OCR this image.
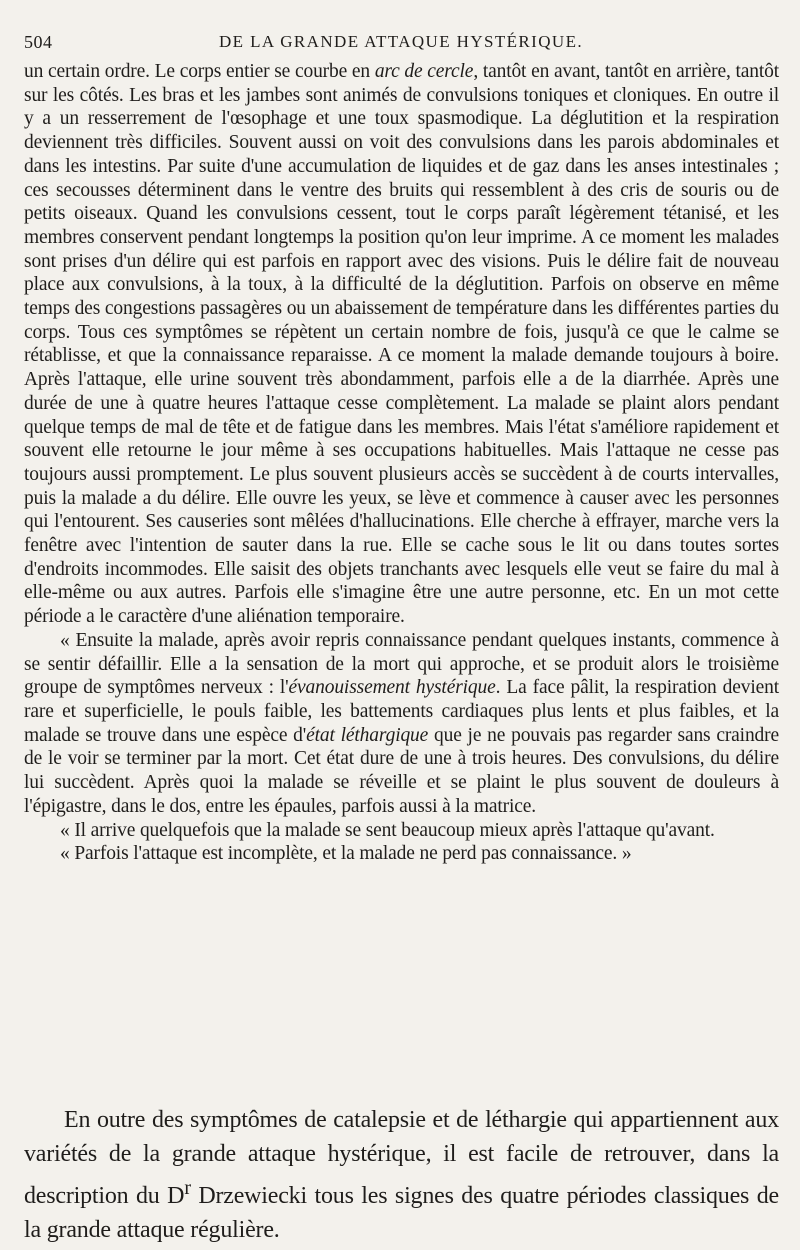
504	DE LA GRANDE ATTAQUE HYSTÉRIQUE.

un certain ordre. Le corps entier se courbe en arc de cercle, tantôt en avant, tantôt en arrière, tantôt sur les côtés. Les bras et les jambes sont animés de convulsions toniques et cloniques. En outre il y a un resserrement de l'œsophage et une toux spasmodique. La déglutition et la respiration deviennent très difficiles. Souvent aussi on voit des convulsions dans les parois abdominales et dans les intestins. Par suite d'une accumulation de liquides et de gaz dans les anses intestinales ; ces secousses déterminent dans le ventre des bruits qui ressemblent à des cris de souris ou de petits oiseaux. Quand les convulsions cessent, tout le corps paraît légèrement tétanisé, et les membres conservent pendant longtemps la position qu'on leur imprime. A ce moment les malades sont prises d'un délire qui est parfois en rapport avec des visions. Puis le délire fait de nouveau place aux convulsions, à la toux, à la difficulté de la déglutition. Parfois on observe en même temps des congestions passagères ou un abaissement de température dans les différentes parties du corps. Tous ces symptômes se répètent un certain nombre de fois, jusqu'à ce que le calme se rétablisse, et que la connaissance reparaisse. A ce moment la malade demande toujours à boire. Après l'attaque, elle urine souvent très abondamment, parfois elle a de la diarrhée. Après une durée de une à quatre heures l'attaque cesse complètement. La malade se plaint alors pendant quelque temps de mal de tête et de fatigue dans les membres. Mais l'état s'améliore rapidement et souvent elle retourne le jour même à ses occupations habituelles. Mais l'attaque ne cesse pas toujours aussi promptement. Le plus souvent plusieurs accès se succèdent à de courts intervalles, puis la malade a du délire. Elle ouvre les yeux, se lève et commence à causer avec les personnes qui l'entourent. Ses causeries sont mêlées d'hallucinations. Elle cherche à effrayer, marche vers la fenêtre avec l'intention de sauter dans la rue. Elle se cache sous le lit ou dans toutes sortes d'endroits incommodes. Elle saisit des objets tranchants avec lesquels elle veut se faire du mal à elle-même ou aux autres. Parfois elle s'imagine être une autre personne, etc. En un mot cette période a le caractère d'une aliénation temporaire.

« Ensuite la malade, après avoir repris connaissance pendant quelques instants, commence à se sentir défaillir. Elle a la sensation de la mort qui approche, et se produit alors le troisième groupe de symptômes nerveux : l'évanouissement hystérique. La face pâlit, la respiration devient rare et superficielle, le pouls faible, les battements cardiaques plus lents et plus faibles, et la malade se trouve dans une espèce d'état léthargique que je ne pouvais pas regarder sans craindre de le voir se terminer par la mort. Cet état dure de une à trois heures. Des convulsions, du délire lui succèdent. Après quoi la malade se réveille et se plaint le plus souvent de douleurs à l'épigastre, dans le dos, entre les épaules, parfois aussi à la matrice.

« Il arrive quelquefois que la malade se sent beaucoup mieux après l'attaque qu'avant.

« Parfois l'attaque est incomplète, et la malade ne perd pas connaissance. »

En outre des symptômes de catalepsie et de léthargie qui appartiennent aux variétés de la grande attaque hystérique, il est facile de retrouver, dans la description du $D^r$ Drzewiecki tous les signes des quatre périodes classiques de la grande attaque régulière.
